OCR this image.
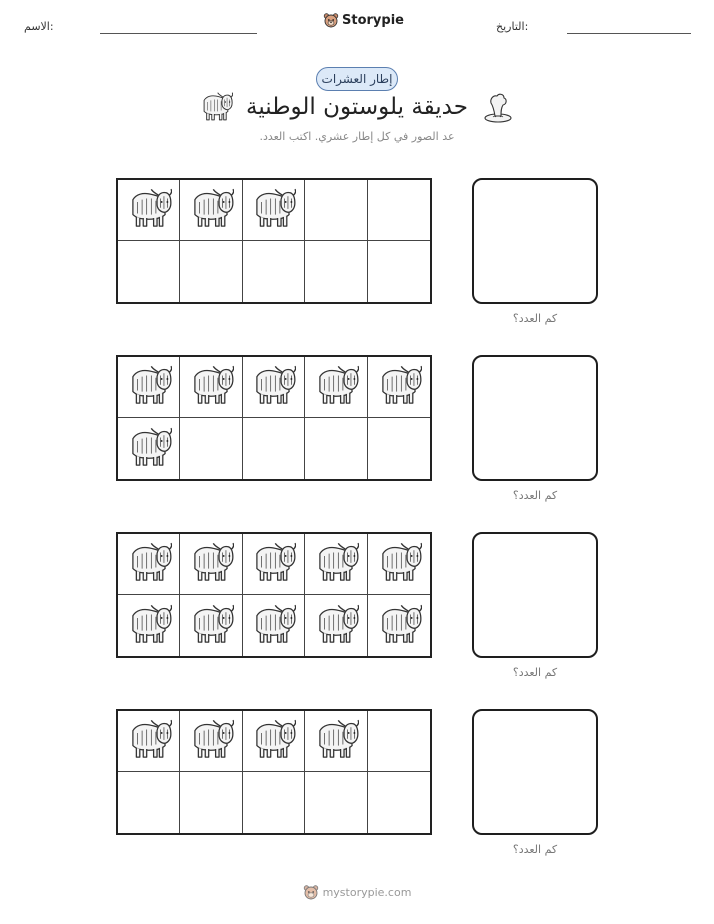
الاسم:	Storypie	التاريخ:
إطار العشرات
حديقة يلوستون الوطنية
عد الصور في كل إطار عشري. اكتب العدد.
كم العدد؟
كم العدد؟
كم العدد؟
كم العدد؟
mystorypie.com
